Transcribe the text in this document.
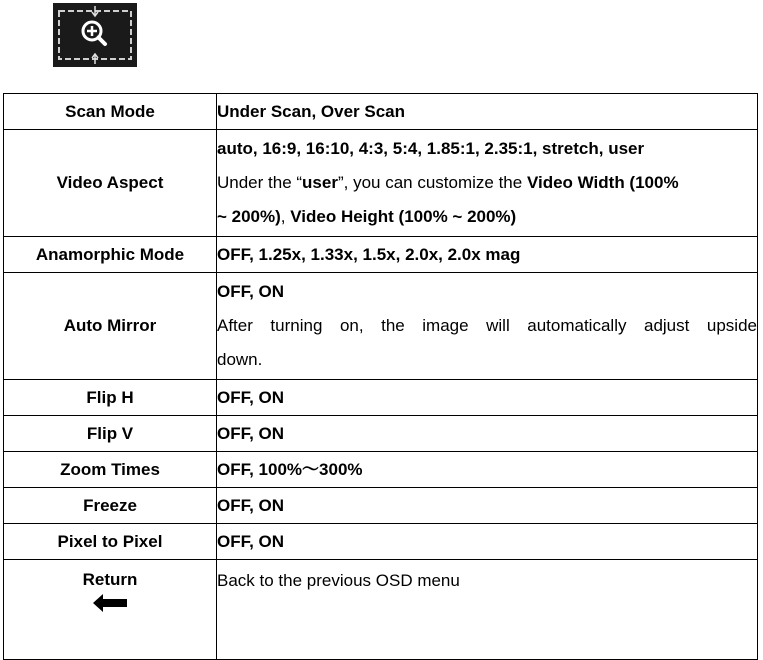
Scan Mode	Under Scan, Over Scan

Video Aspect	auto, 16:9, 16:10, 4:3, 5:4, 1.85:1, 2.35:1, stretch, user
Under the “user”, you can customize the Video Width (100%
~ 200%), Video Height (100% ~ 200%)

Anamorphic Mode	OFF, 1.25x, 1.33x, 1.5x, 2.0x, 2.0x mag

Auto Mirror	OFF, ON
After turning on, the image will automatically adjust upside
down.

Flip H	OFF, ON

Flip V	OFF, ON

Zoom Times	OFF, 100%～300%

Freeze	OFF, ON

Pixel to Pixel	OFF, ON

Return	Back to the previous OSD menu
